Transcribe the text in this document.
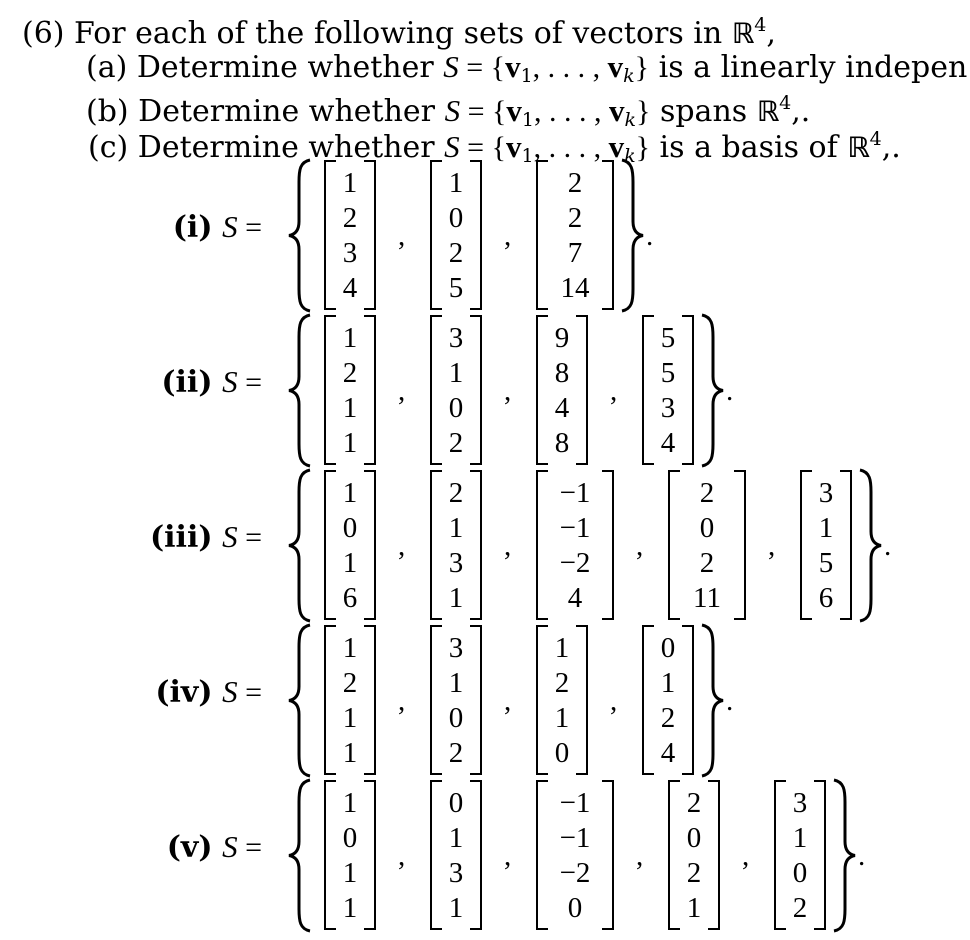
(6) For each of the following sets of vectors in ℝ$^4$,
(a) Determine whether $S = \{v_1$, . . . , vk} is a linearly indepen
(b) Determine whether $S = \{v_1$, . . . , vk} spans ℝ$^4$,.
(c) Determine whether $S = \{v_1$, . . . , vk} is a basis of ℝ$^4$,.
(i) S =
1
2
3
4
,
1
0
2
5
,
2
2
7
14
.
(ii) S =
1
2
1
1
,
3
1
0
2
,
9
8
4
8
,
5
5
3
4
.
(iii) S =
1
0
1
6
,
2
1
3
1
,
−1
−1
−2
4
,
2
0
2
11
,
3
1
5
6
.
(iv) S =
1
2
1
1
,
3
1
0
2
,
1
2
1
0
,
0
1
2
4
.
(v) S =
1
0
1
1
,
0
1
3
1
,
−1
−1
−2
0
,
2
0
2
1
,
3
1
0
2
.
